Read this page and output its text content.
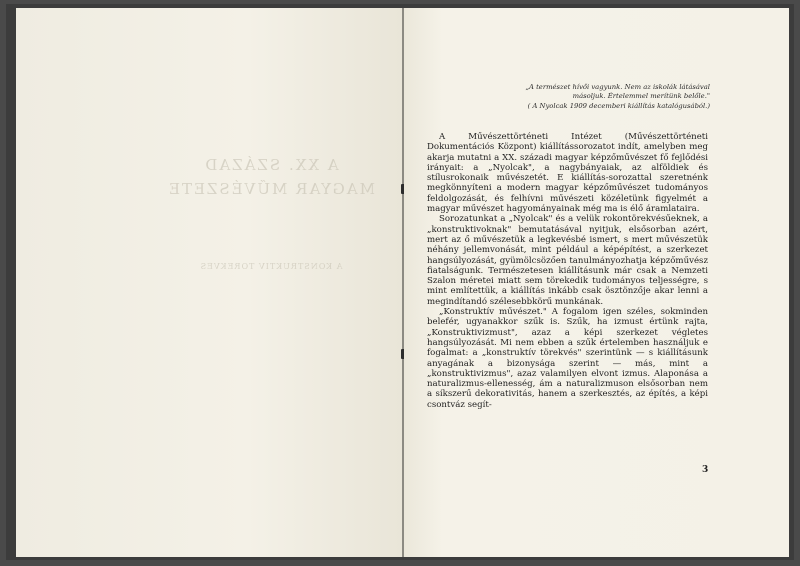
A XX. SZÁZAD
MAGYAR MŰVÉSZETE
A KONSTRUKTIV TÖREKVÉS
„A természet hívői vagyunk. Nem az iskolák látásával másoljuk. Értelemmel merítünk belőle."
( A Nyolcak 1909 decemberi kiállítás katalógusából.)

A Művészettörténeti Intézet (Művészettörténeti Dokumentációs Központ) kiállítássorozatot indít, amelyben meg akarja mutatni a XX. századi magyar képzőművészet fő fejlődési irányait: a „Nyolcak", a nagybányaiak, az alföldiek és stílusrokonaik művészetét. E kiállítás-sorozattal szeretnénk megkönnyíteni a modern magyar képzőművészet tudományos feldolgozását, és felhívni művészeti közéletünk figyelmét a magyar művészet hagyományainak még ma is élő áramlataira.

Sorozatunkat a „Nyolcak" és a velük rokontörekvésűeknek, a „konstruktivoknak" bemutatásával nyitjuk, elsősorban azért, mert az ő művészetük a legkevésbé ismert, s mert művészetük néhány jellemvonását, mint például a képépítést, a szerkezet hangsúlyozását, gyümölcsözően tanulmányozhatja képzőművész fiatalságunk. Természetesen kiállításunk már csak a Nemzeti Szalon méretei miatt sem törekedik tudományos teljességre, s mint említettük, a kiállítás inkább csak ösztönzője akar lenni a megindítandó szélesebbkörű munkának.

„Konstruktív művészet." A fogalom igen széles, sokminden belefér, ugyanakkor szűk is. Szűk, ha izmust értünk rajta, „Konstruktivizmust", azaz a képi szerkezet végletes hangsúlyozását. Mi nem ebben a szűk értelemben használjuk e fogalmat: a „konstruktív törekvés" szerintünk — s kiállításunk anyagának a bizonysága szerint — más, mint a „konstruktivizmus", azaz valamilyen elvont izmus. Alaponása a naturalizmus-ellenesség, ám a naturalizmuson elsősorban nem a síkszerű dekorativitás, hanem a szerkesztés, az építés, a képi csontváz segít-

3
